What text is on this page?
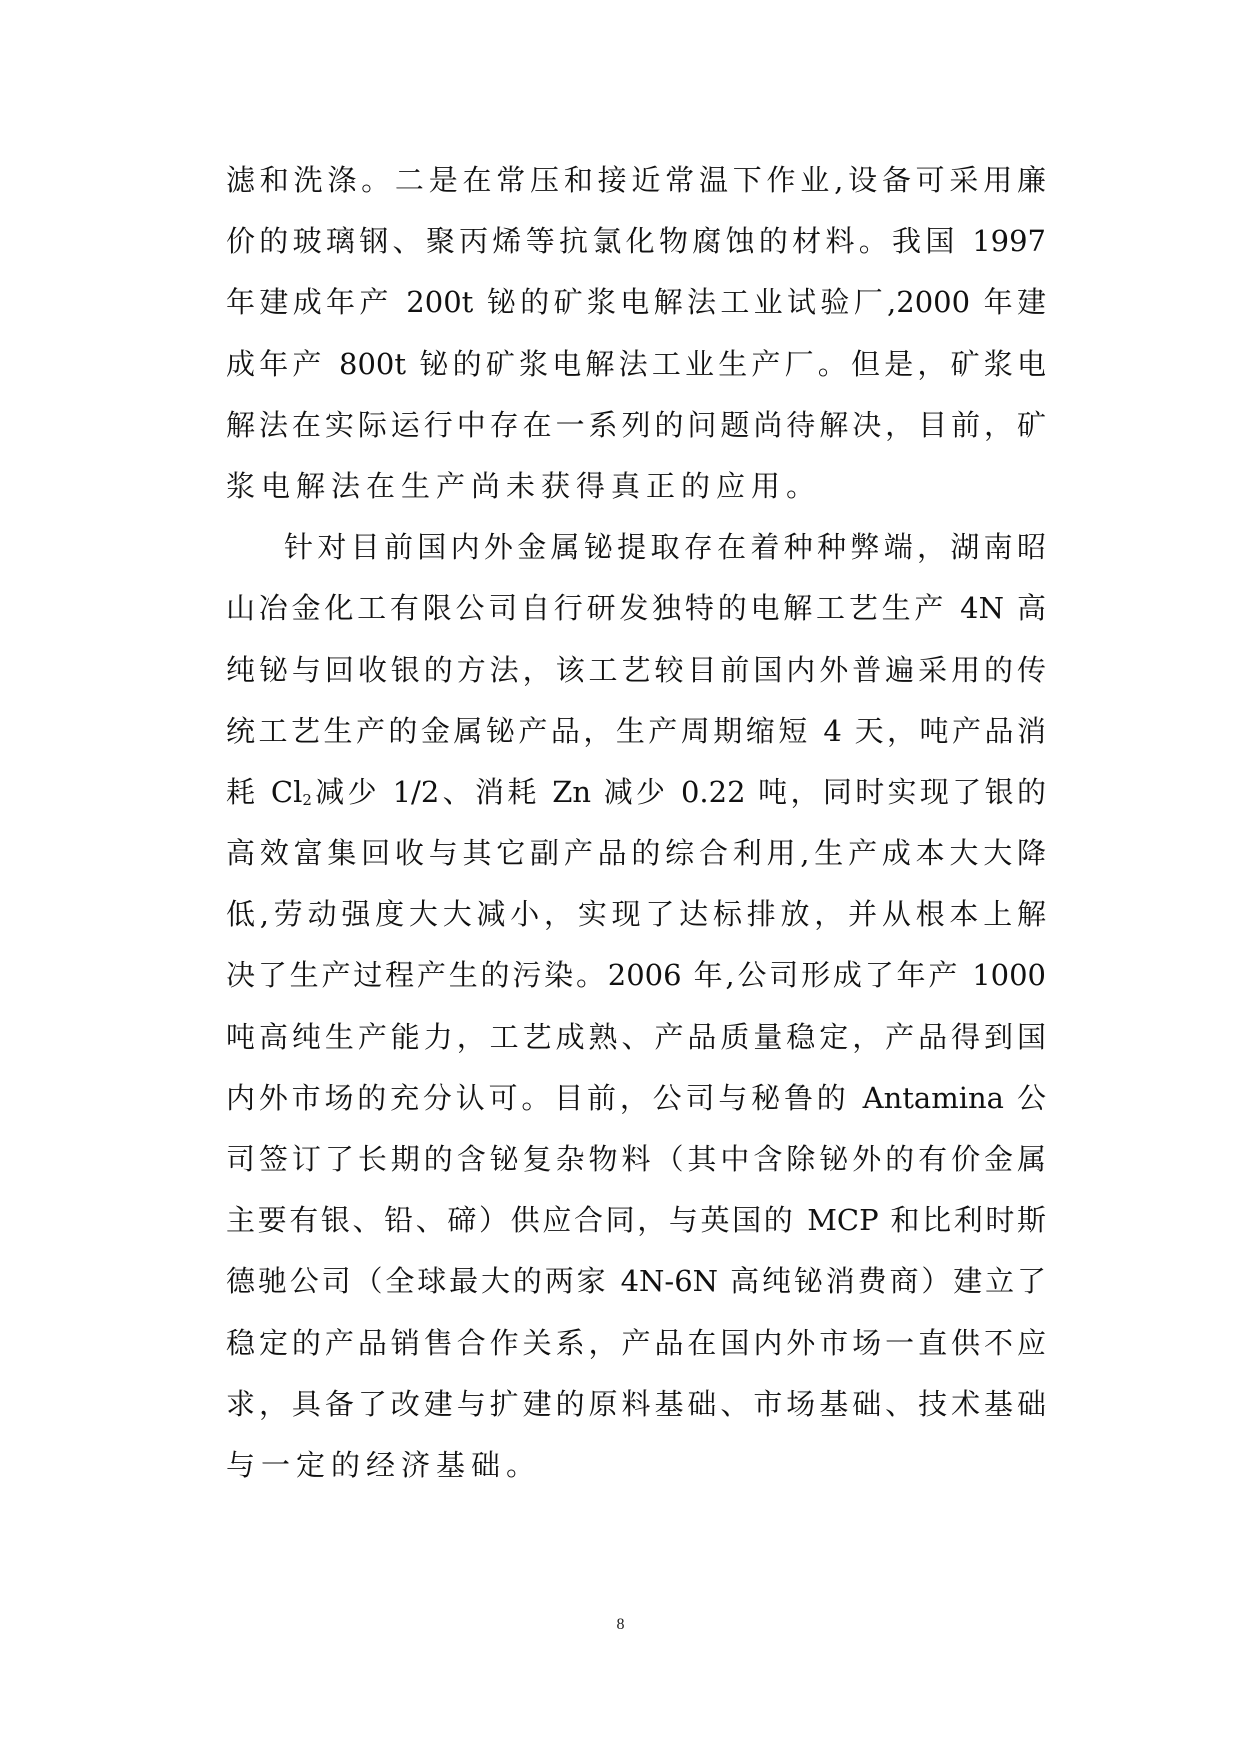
滤和洗涤。二是在常压和接近常温下作业,设备可采用廉
价的玻璃钢、聚丙烯等抗氯化物腐蚀的材料。我国 1997
年建成年产 200t 铋的矿浆电解法工业试验厂,2000 年建
成年产 800t 铋的矿浆电解法工业生产厂。但是，矿浆电
解法在实际运行中存在一系列的问题尚待解决，目前，矿
浆电解法在生产尚未获得真正的应用。
针对目前国内外金属铋提取存在着种种弊端，湖南昭
山冶金化工有限公司自行研发独特的电解工艺生产 4N 高
纯铋与回收银的方法，该工艺较目前国内外普遍采用的传
统工艺生产的金属铋产品，生产周期缩短 4 天，吨产品消
耗 $Cl_2$减少 1/2、消耗 Zn 减少 0.22 吨，同时实现了银的
高效富集回收与其它副产品的综合利用,生产成本大大降
低,劳动强度大大减小，实现了达标排放，并从根本上解
决了生产过程产生的污染。2006 年,公司形成了年产 1000
吨高纯生产能力，工艺成熟、产品质量稳定，产品得到国
内外市场的充分认可。目前，公司与秘鲁的 Antamina 公
司签订了长期的含铋复杂物料（其中含除铋外的有价金属
主要有银、铅、碲）供应合同，与英国的 MCP 和比利时斯
德驰公司（全球最大的两家 4N-6N 高纯铋消费商）建立了
稳定的产品销售合作关系，产品在国内外市场一直供不应
求，具备了改建与扩建的原料基础、市场基础、技术基础
与一定的经济基础。
8
